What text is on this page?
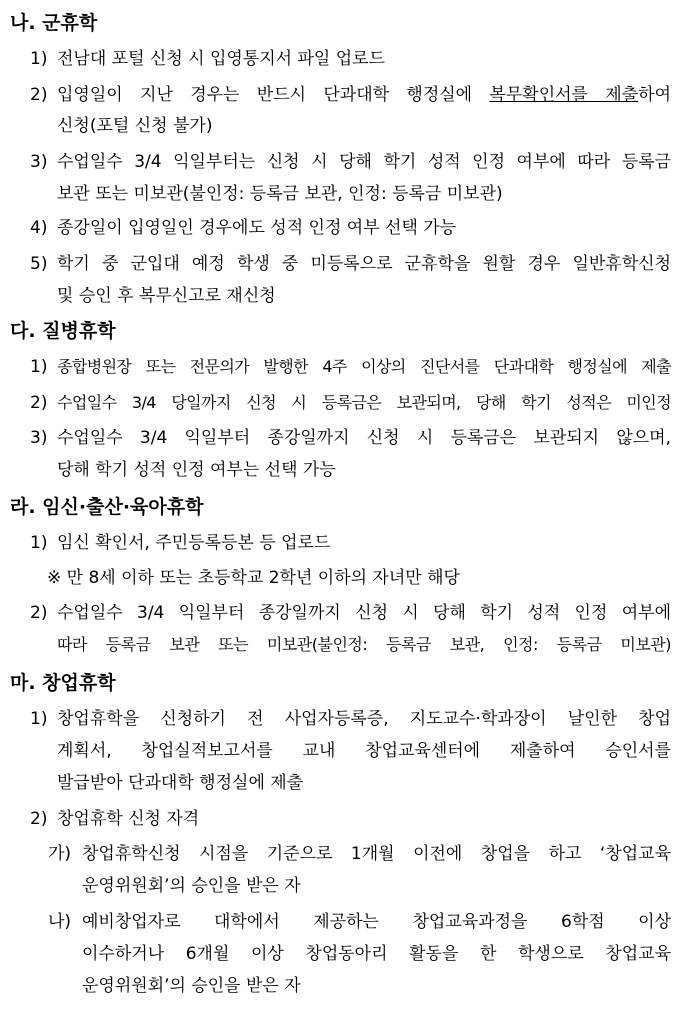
나. 군휴학
1) 전남대 포털 신청 시 입영통지서 파일 업로드
2) 입영일이 지난 경우는 반드시 단과대학 행정실에 복무확인서를 제출하여
신청(포털 신청 불가)
3) 수업일수 3/4 익일부터는 신청 시 당해 학기 성적 인정 여부에 따라 등록금
보관 또는 미보관(불인정: 등록금 보관, 인정: 등록금 미보관)
4) 종강일이 입영일인 경우에도 성적 인정 여부 선택 가능
5) 학기 중 군입대 예정 학생 중 미등록으로 군휴학을 원할 경우 일반휴학신청
및 승인 후 복무신고로 재신청
다. 질병휴학
1) 종합병원장 또는 전문의가 발행한 4주 이상의 진단서를 단과대학 행정실에 제출
2) 수업일수 3/4 당일까지 신청 시 등록금은 보관되며, 당해 학기 성적은 미인정
3) 수업일수 3/4 익일부터 종강일까지 신청 시 등록금은 보관되지 않으며,
당해 학기 성적 인정 여부는 선택 가능
라. 임신·출산·육아휴학
1) 임신 확인서, 주민등록등본 등 업로드
※ 만 8세 이하 또는 초등학교 2학년 이하의 자녀만 해당
2) 수업일수 3/4 익일부터 종강일까지 신청 시 당해 학기 성적 인정 여부에
따라 등록금 보관 또는 미보관(불인정: 등록금 보관, 인정: 등록금 미보관)
마. 창업휴학
1) 창업휴학을 신청하기 전 사업자등록증, 지도교수·학과장이 날인한 창업
계획서, 창업실적보고서를 교내 창업교육센터에 제출하여 승인서를
발급받아 단과대학 행정실에 제출
2) 창업휴학 신청 자격
가) 창업휴학신청 시점을 기준으로 1개월 이전에 창업을 하고 ‘창업교육
운영위원회’의 승인을 받은 자
나) 예비창업자로 대학에서 제공하는 창업교육과정을 6학점 이상
이수하거나 6개월 이상 창업동아리 활동을 한 학생으로 창업교육
운영위원회’의 승인을 받은 자
